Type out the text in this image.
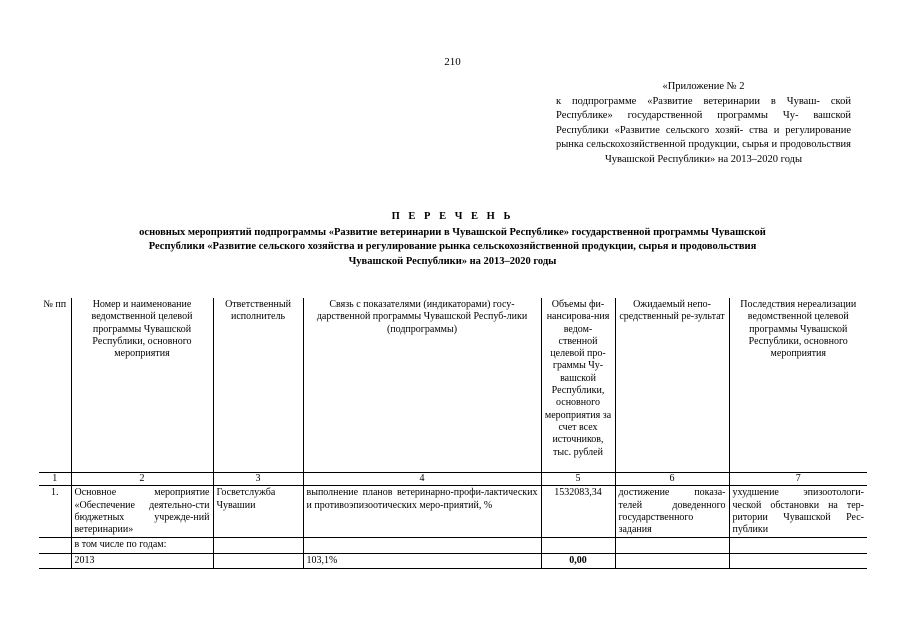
210
«Приложение № 2
к подпрограмме «Развитие ветеринарии в Чуваш- ской Республике» государственной программы Чу- вашской Республики «Развитие сельского хозяй- ства и регулирование рынка сельскохозяйственной продукции, сырья и продовольствия Чувашской Республики» на 2013–2020 годы
П Е Р Е Ч Е Н Ь
основных мероприятий подпрограммы «Развитие ветеринарии в Чувашской Республике» государственной программы Чувашской
Республики «Развитие сельского хозяйства и регулирование рынка сельскохозяйственной продукции, сырья и продовольствия
Чувашской Республики» на 2013–2020 годы
№ пп	Номер и наименование ведомственной целевой программы Чувашской Республики, основного мероприятия	Ответственный исполнитель	Связь с показателями (индикаторами) госу-дарственной программы Чувашской Респуб-лики (подпрограммы)	Объемы фи-нансирова-ния ведом-ственной целевой про-граммы Чу-вашской Республики, основного мероприятия за счет всех источников, тыс. рублей	Ожидаемый непо-средственный ре-зультат	Последствия нереализации ведомственной целевой программы Чувашской Республики, основного мероприятия
1	2	3	4	5	6	7
1.	Основное мероприятие «Обеспечение деятельно-сти бюджетных учрежде-ний ветеринарии»	Госветслужба Чувашии	выполнение планов ветеринарно-профи-лактических и противоэпизоотических меро-приятий, %	1532083,34	достижение показа-телей доведенного государственного задания	ухудшение эпизоотологи-ческой обстановки на тер-ритории Чувашской Рес-публики
	в том числе по годам:					
	2013		103,1%	0,00		
